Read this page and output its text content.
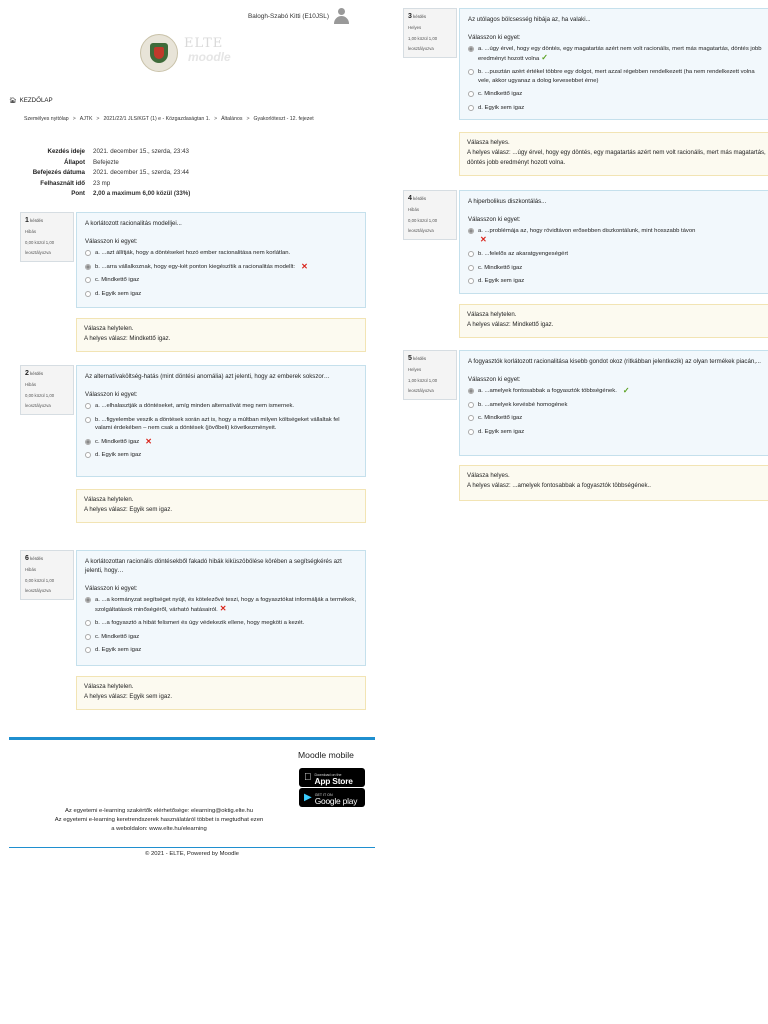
Balogh-Szabó Kitti (E10JSL)
ELTE
moodle
🏠︎ KEZDŐLAP
Személyes nyitólap > AJTK > 2021/22/1 JLS/KGT (1) e - Közgazdaságtan 1. > Általános > Gyakorlóteszt - 12. fejezet
Kezdés ideje	2021. december 15., szerda, 23:43
Állapot	Befejezte
Befejezés dátuma	2021. december 15., szerda, 23:44
Felhasznált idő	23 mp
Pont	2,00 a maximum 6,00 közül (33%)
1 kérdés
Hibás
0,00 közül 1,00
leosztályozva
A korlátozott racionalitás modelljei...
Válasszon ki egyet:
a. ...azt állítják, hogy a döntéseket hozó ember racionalitása nem korlátlan.
b. ...arra vállalkoznak, hogy egy-két ponton kiegészítik a racionalitás modellt: ✕
c. Mindkettő igaz
d. Egyik sem igaz
Válasza helytelen.
A helyes válasz: Mindkettő igaz.
2 kérdés
Hibás
0,00 közül 1,00
leosztályozva
Az alternatívaköltség-hatás (mint döntési anomália) azt jelenti, hogy az emberek sokszor…
Válasszon ki egyet:
a. ...elhalasztják a döntéseket, amíg minden alternatívát meg nem ismernek.
b. ...figyelembe veszik a döntések során azt is, hogy a múltban milyen költségeket vállaltak fel valami érdekében – nem csak a döntések (jövőbeli) következményeit.
c. Mindkettő igaz ✕
d. Egyik sem igaz
Válasza helytelen.
A helyes válasz: Egyik sem igaz.
6 kérdés
Hibás
0,00 közül 1,00
leosztályozva
A korlátozottan racionális döntésekből fakadó hibák kiküszöbölése körében a segítségkérés azt jelenti, hogy…
Válasszon ki egyet:
a. ...a kormányzat segítséget nyújt, és kötelezővé teszi, hogy a fogyasztókat informálják a termékek, szolgáltatások minőségéről, várható hatásairól. ✕
b. ...a fogyasztó a hibát felismeri és úgy védekezik ellene, hogy megköti a kezét.
c. Mindkettő igaz
d. Egyik sem igaz
Válasza helytelen.
A helyes válasz: Egyik sem igaz.
3 kérdés
Helyes
1,00 közül 1,00
leosztályozva
Az utólagos bölcsesség hibája az, ha valaki...
Válasszon ki egyet:
a. ...úgy érvel, hogy egy döntés, egy magatartás azért nem volt racionális, mert más magatartás, döntés jobb eredményt hozott volna ✓
b. ...pusztán azért értékel többre egy dolgot, mert azzal régebben rendelkezett (ha nem rendelkezett volna vele, akkor ugyanaz a dolog kevesebbet érne)
c. Mindkettő igaz
d. Egyik sem igaz
Válasza helyes.
A helyes válasz: ...úgy érvel, hogy egy döntés, egy magatartás azért nem volt racionális, mert más magatartás, döntés jobb eredményt hozott volna.
4 kérdés
Hibás
0,00 közül 1,00
leosztályozva
A hiperbolikus diszkontálás...
Válasszon ki egyet:
a. ...problémája az, hogy rövidtávon erősebben diszkontálunk, mint hosszabb távon
✕
b. ...felelős az akaratgyengeségért
c. Mindkettő igaz
d. Egyik sem igaz
Válasza helytelen.
A helyes válasz: Mindkettő igaz.
5 kérdés
Helyes
1,00 közül 1,00
leosztályozva
A fogyasztók korlátozott racionalitása kisebb gondot okoz (ritkábban jelentkezik) az olyan termékek piacán,...
Válasszon ki egyet:
a. ...amelyek fontosabbak a fogyasztók többségének. ✓
b. ...amelyek kevésbé homogének
c. Mindkettő igaz
d. Egyik sem igaz
Válasza helyes.
A helyes válasz: ...amelyek fontosabbak a fogyasztók többségének..
Moodle mobile
Download on the
App Store
▶ GET IT ON
Google play
Az egyetemi e-learning szakértők elérhetősége: elearning@oktig.elte.hu
Az egyetemi e-learning keretrendszerek használatáról többet is megtudhat ezen
a weboldalon: www.elte.hu/elearning
© 2021 - ELTE, Powered by Moodle
